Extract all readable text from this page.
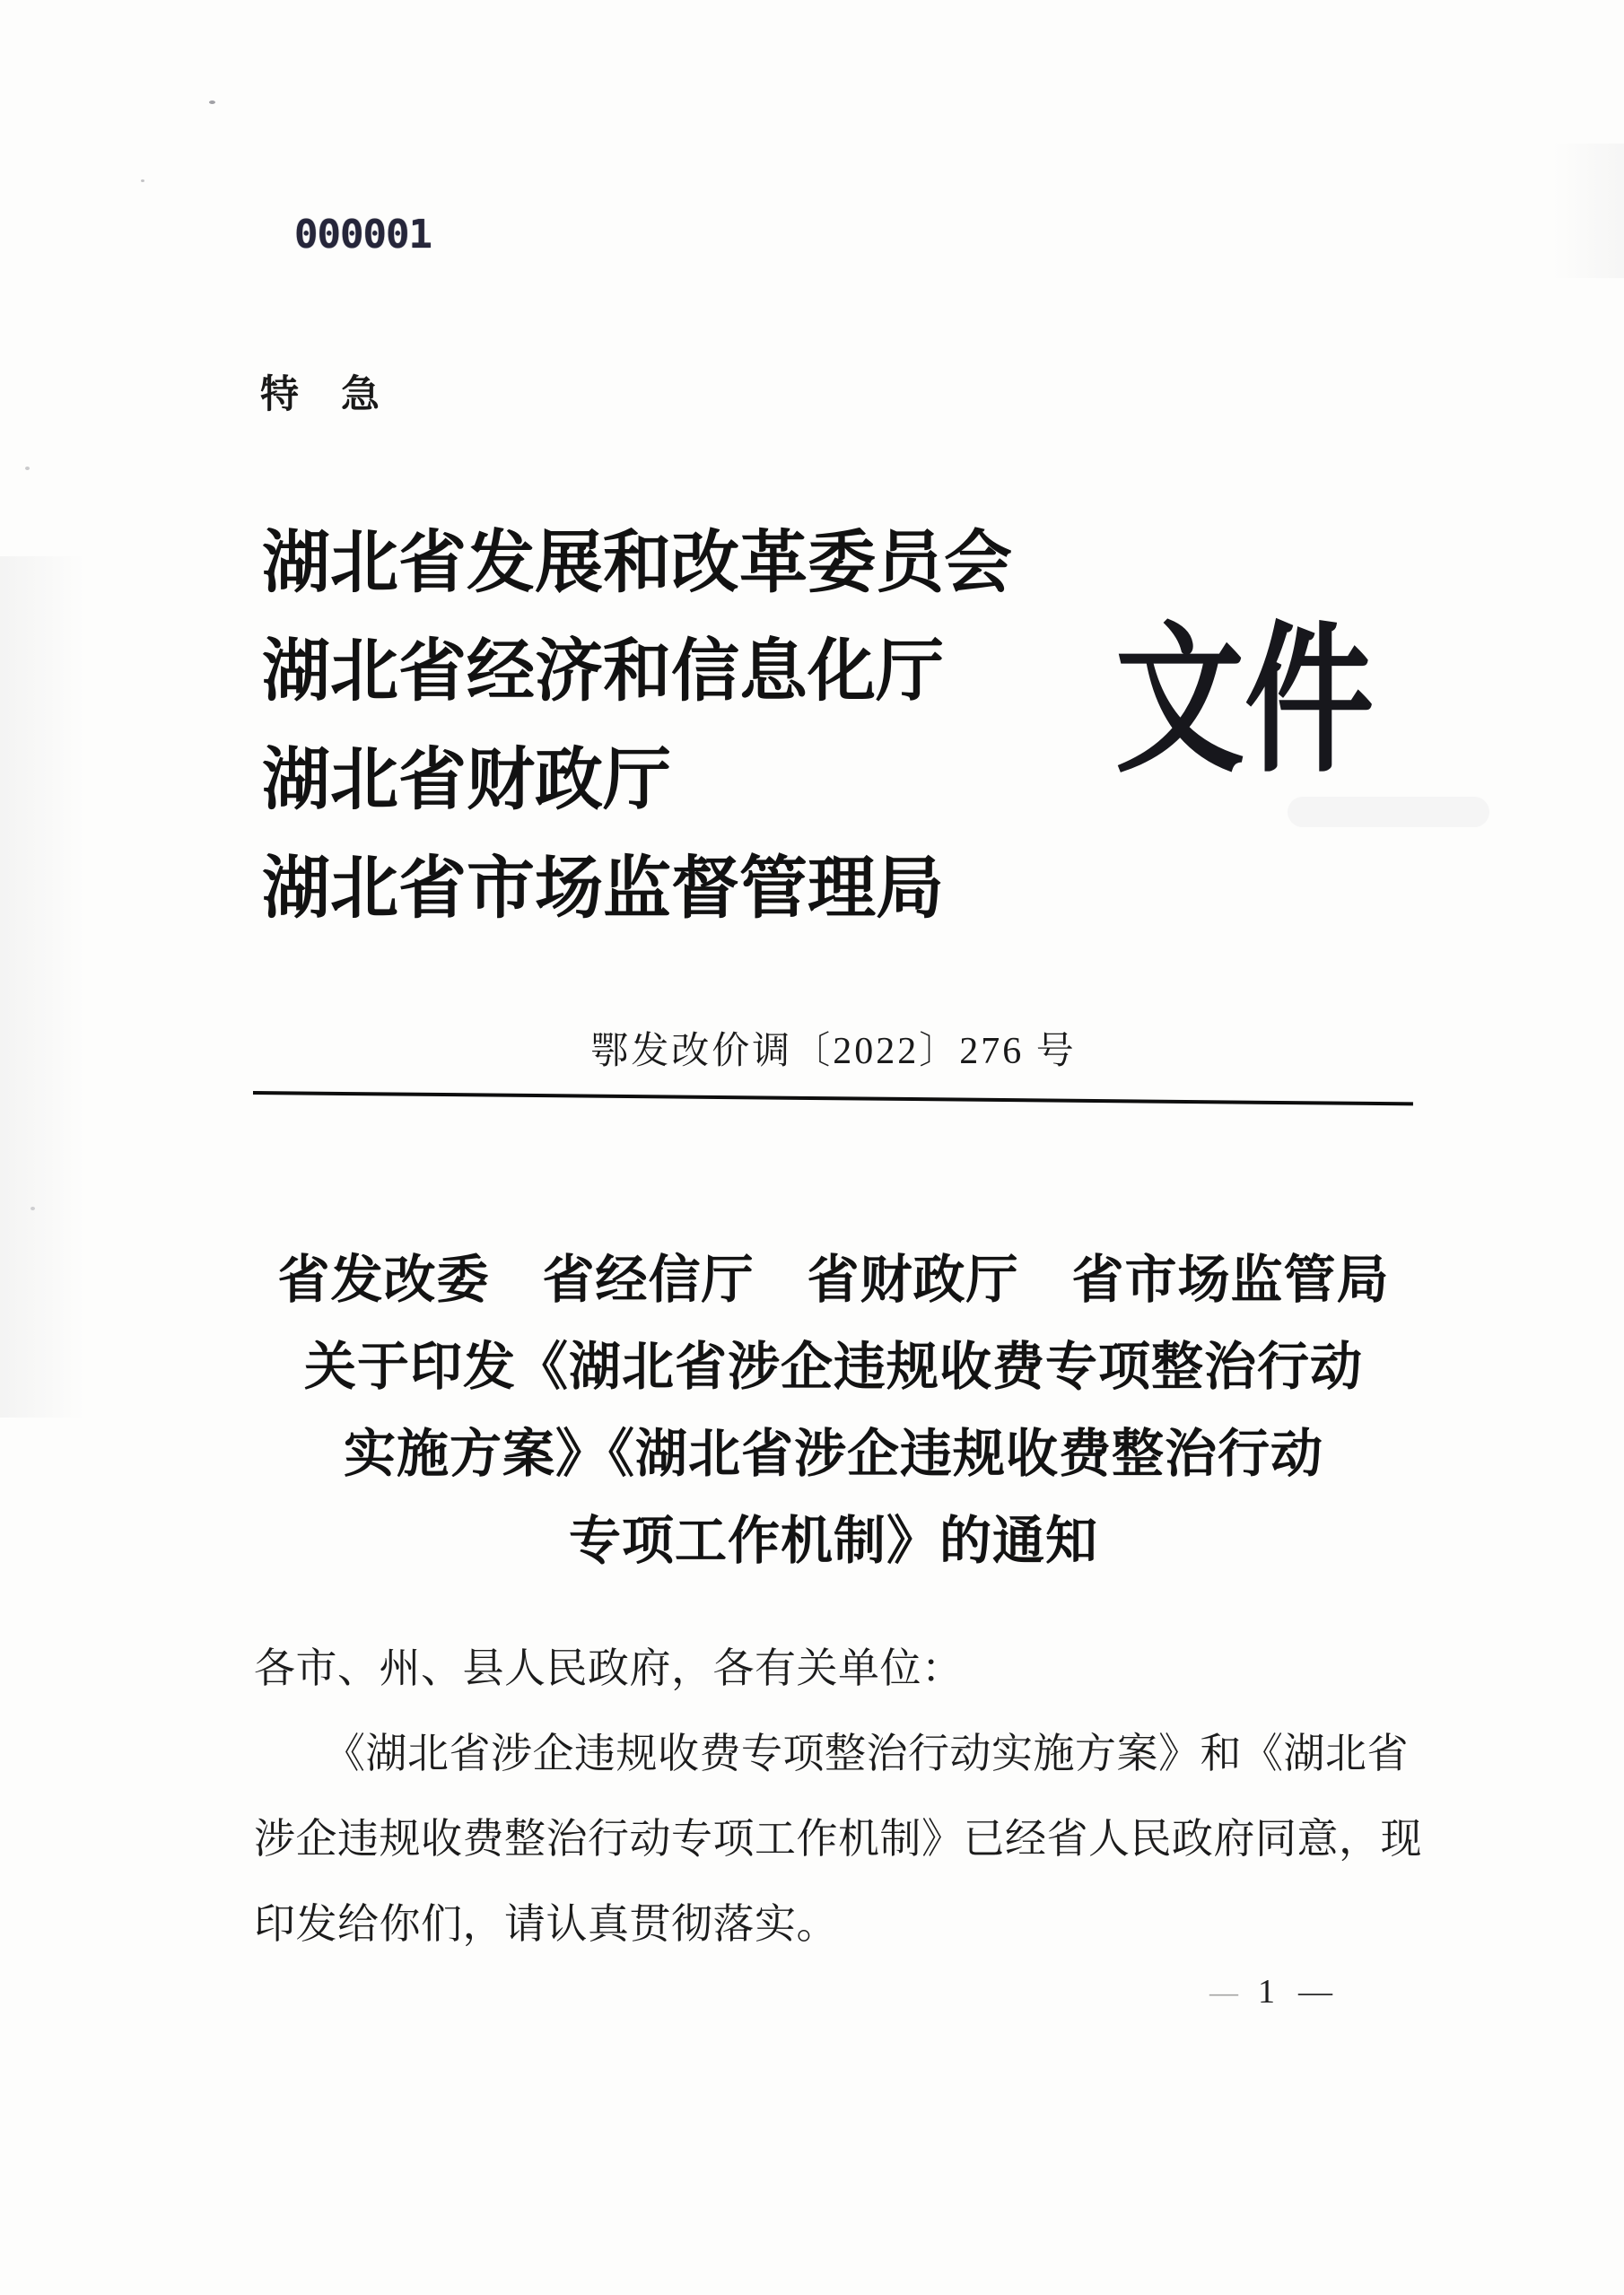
000001
特　急
湖北省发展和改革委员会
湖北省经济和信息化厅
湖北省财政厅
湖北省市场监督管理局
文件
鄂发改价调〔2022〕276 号
省发改委　省经信厅　省财政厅　省市场监管局
关于印发《湖北省涉企违规收费专项整治行动
实施方案》《湖北省涉企违规收费整治行动
专项工作机制》的通知
各市、州、县人民政府，各有关单位：
《湖北省涉企违规收费专项整治行动实施方案》和《湖北省
涉企违规收费整治行动专项工作机制》已经省人民政府同意，现
印发给你们，请认真贯彻落实。
— 1 —
